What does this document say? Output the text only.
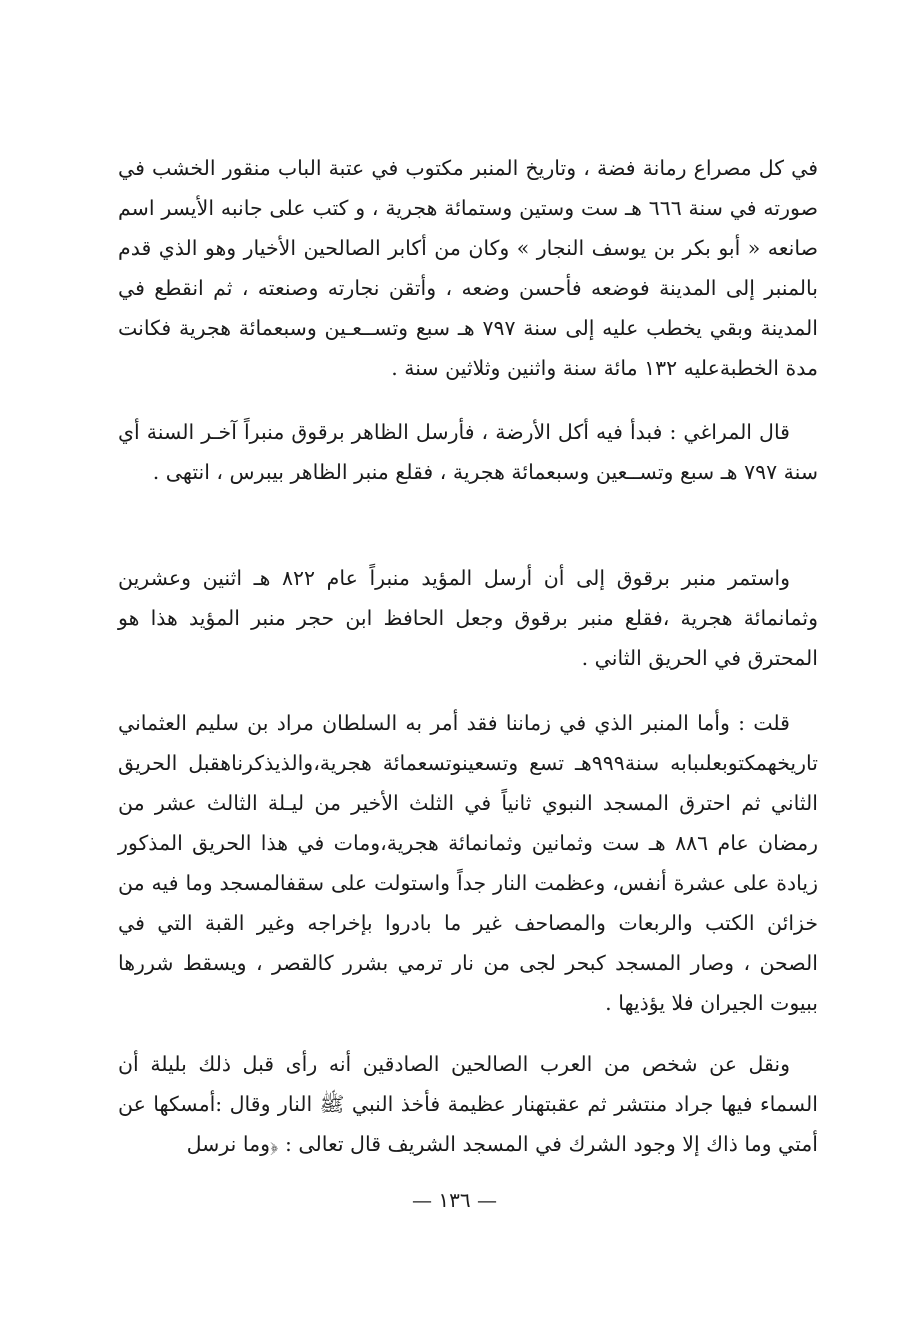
في كل مصراع رمانة فضة ، وتاريخ المنبر مكتوب في عتبة الباب منقور الخشب في صورته في سنة ٦٦٦ هـ ست وستين وستمائة هجرية ، و كتب على جانبه الأيسر اسم صانعه « أبو بكر بن يوسف النجار » وكان من أكابر الصالحين الأخيار وهو الذي قدم بالمنبر إلى المدينة فوضعه فأحسن وضعه ، وأتقن نجارته وصنعته ، ثم انقطع في المدينة وبقي يخطب عليه إلى سنة ٧٩٧ هـ سبع وتســعـين وسبعمائة هجرية فكانت مدة الخطبةعليه ١٣٢ مائة سنة واثنين وثلاثين سنة .

قال المراغي : فبدأ فيه أكل الأرضة ، فأرسل الظاهر برقوق منبراً آخـر السنة أي سنة ٧٩٧ هـ سبع وتســعين وسبعمائة هجرية ، فقلع منبر الظاهر بيبرس ، انتهى .

واستمر منبر برقوق إلى أن أرسل المؤيد منبراً عام ٨٢٢ هـ اثنين وعشرين وثمانمائة هجرية ،فقلع منبر برقوق وجعل الحافظ ابن حجر منبر المؤيد هذا هو المحترق في الحريق الثاني .

قلت : وأما المنبر الذي في زماننا فقد أمر به السلطان مراد بن سليم العثماني تاريخهمكتوبعلىبابه سنة٩٩٩هـ تسع وتسعينوتسعمائة هجرية،والذيذكرناهقبل الحريق الثاني ثم احترق المسجد النبوي ثانياً في الثلث الأخير من ليـلة الثالث عشر من رمضان عام ٨٨٦ هـ ست وثمانين وثمانمائة هجرية،ومات في هذا الحريق المذكور زيادة على عشرة أنفس، وعظمت النار جداً واستولت على سقفالمسجد وما فيه من خزائن الكتب والربعات والمصاحف غير ما بادروا بإخراجه وغير القبة التي في الصحن ، وصار المسجد كبحر لجى من نار ترمي بشرر كالقصر ، ويسقط شررها ببيوت الجيران فلا يؤذيها .

ونقل عن شخص من العرب الصالحين الصادقين أنه رأى قبل ذلك بليلة أن السماء فيها جراد منتشر ثم عقبتهنار عظيمة فأخذ النبي ﷺ النار وقال :أمسكها عن أمتي وما ذاك إلا وجود الشرك في المسجد الشريف قال تعالى : ﴿وما نرسل

— ١٣٦ —
